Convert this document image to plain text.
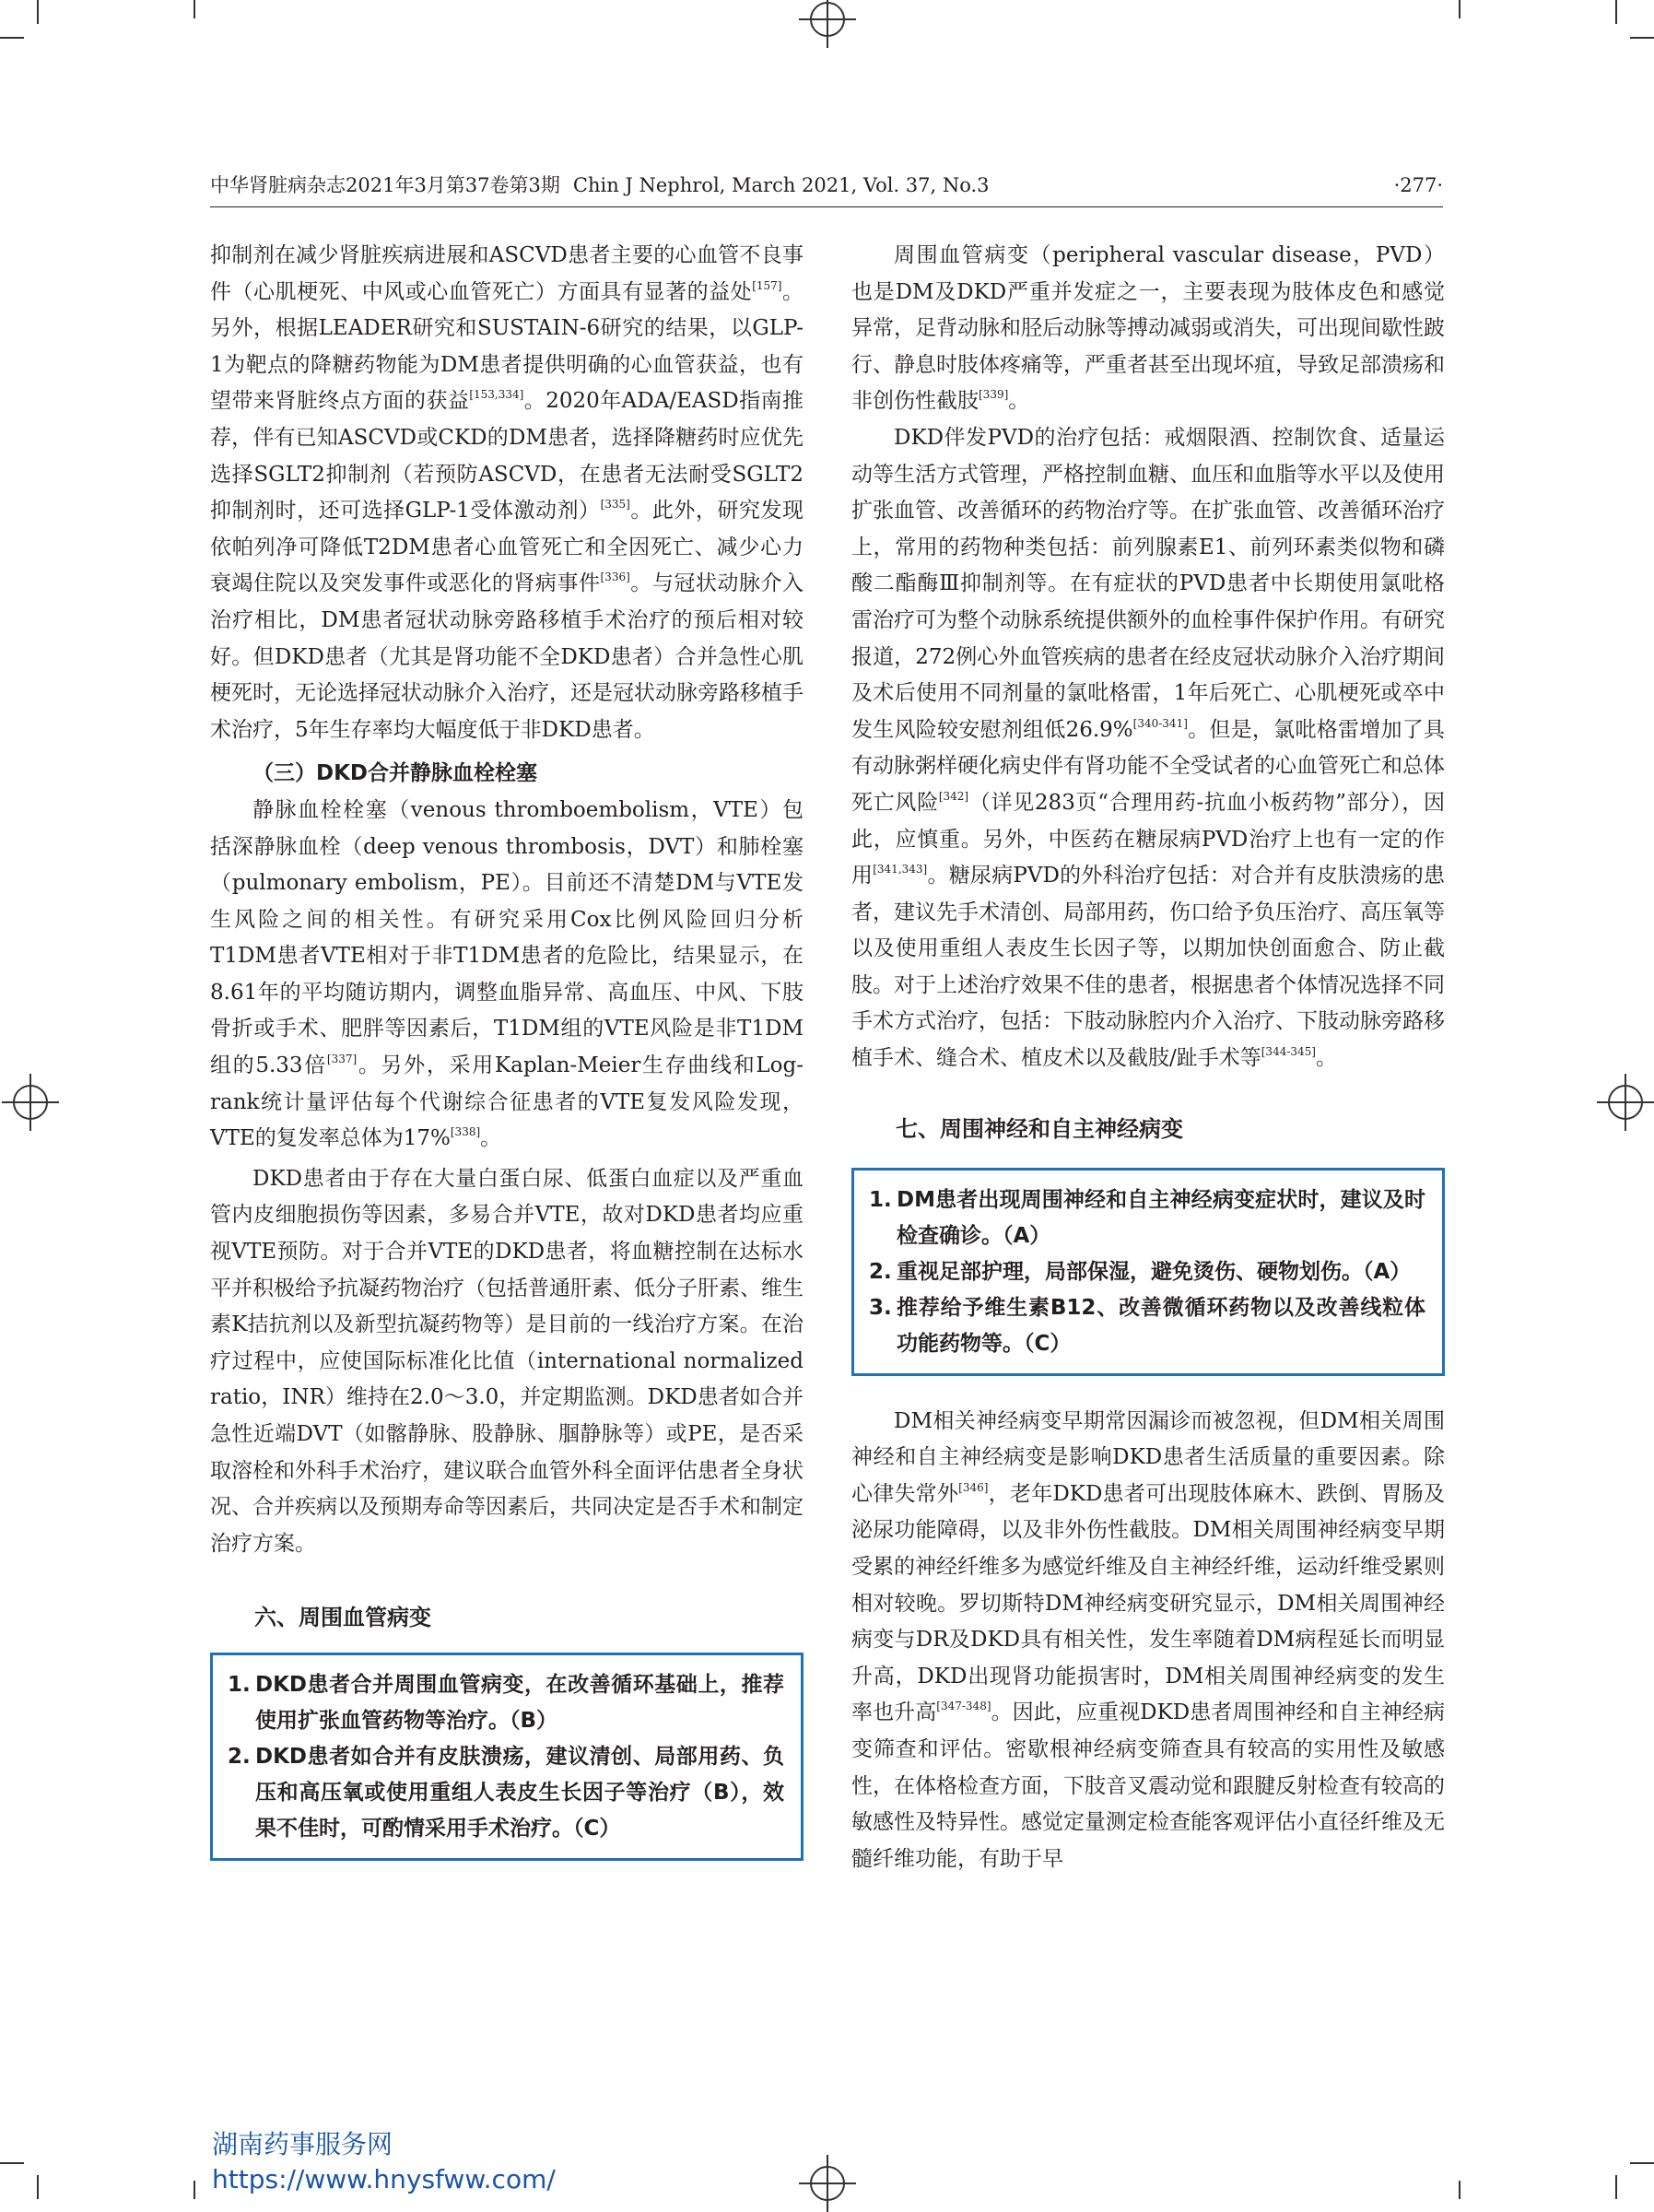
中华肾脏病杂志2021年3月第37卷第3期 Chin J Nephrol, March 2021, Vol. 37, No.3	·277·

抑制剂在减少肾脏疾病进展和ASCVD患者主要的心血管不良事件（心肌梗死、中风或心血管死亡）方面具有显著的益处[157]。另外，根据LEADER研究和SUSTAIN-6研究的结果，以GLP-1为靶点的降糖药物能为DM患者提供明确的心血管获益，也有望带来肾脏终点方面的获益[153,334]。2020年ADA/EASD指南推荐，伴有已知ASCVD或CKD的DM患者，选择降糖药时应优先选择SGLT2抑制剂（若预防ASCVD，在患者无法耐受SGLT2抑制剂时，还可选择GLP-1受体激动剂）[335]。此外，研究发现依帕列净可降低T2DM患者心血管死亡和全因死亡、减少心力衰竭住院以及突发事件或恶化的肾病事件[336]。与冠状动脉介入治疗相比，DM患者冠状动脉旁路移植手术治疗的预后相对较好。但DKD患者（尤其是肾功能不全DKD患者）合并急性心肌梗死时，无论选择冠状动脉介入治疗，还是冠状动脉旁路移植手术治疗，5年生存率均大幅度低于非DKD患者。

（三）DKD合并静脉血栓栓塞

静脉血栓栓塞（venous thromboembolism，VTE）包括深静脉血栓（deep venous thrombosis，DVT）和肺栓塞（pulmonary embolism，PE）。目前还不清楚DM与VTE发生风险之间的相关性。有研究采用Cox比例风险回归分析T1DM患者VTE相对于非T1DM患者的危险比，结果显示，在8.61年的平均随访期内，调整血脂异常、高血压、中风、下肢骨折或手术、肥胖等因素后，T1DM组的VTE风险是非T1DM组的5.33倍[337]。另外，采用Kaplan-Meier生存曲线和Log-rank统计量评估每个代谢综合征患者的VTE复发风险发现，VTE的复发率总体为17%[338]。

DKD患者由于存在大量白蛋白尿、低蛋白血症以及严重血管内皮细胞损伤等因素，多易合并VTE，故对DKD患者均应重视VTE预防。对于合并VTE的DKD患者，将血糖控制在达标水平并积极给予抗凝药物治疗（包括普通肝素、低分子肝素、维生素K拮抗剂以及新型抗凝药物等）是目前的一线治疗方案。在治疗过程中，应使国际标准化比值（international normalized ratio，INR）维持在2.0～3.0，并定期监测。DKD患者如合并急性近端DVT（如髂静脉、股静脉、腘静脉等）或PE，是否采取溶栓和外科手术治疗，建议联合血管外科全面评估患者全身状况、合并疾病以及预期寿命等因素后，共同决定是否手术和制定治疗方案。

六、周围血管病变
1. DKD患者合并周围血管病变，在改善循环基础上，推荐使用扩张血管药物等治疗。（B）
2. DKD患者如合并有皮肤溃疡，建议清创、局部用药、负压和高压氧或使用重组人表皮生长因子等治疗（B），效果不佳时，可酌情采用手术治疗。（C）

周围血管病变（peripheral vascular disease，PVD）也是DM及DKD严重并发症之一，主要表现为肢体皮色和感觉异常，足背动脉和胫后动脉等搏动减弱或消失，可出现间歇性跛行、静息时肢体疼痛等，严重者甚至出现坏疽，导致足部溃疡和非创伤性截肢[339]。

DKD伴发PVD的治疗包括：戒烟限酒、控制饮食、适量运动等生活方式管理，严格控制血糖、血压和血脂等水平以及使用扩张血管、改善循环的药物治疗等。在扩张血管、改善循环治疗上，常用的药物种类包括：前列腺素E1、前列环素类似物和磷酸二酯酶Ⅲ抑制剂等。在有症状的PVD患者中长期使用氯吡格雷治疗可为整个动脉系统提供额外的血栓事件保护作用。有研究报道，272例心外血管疾病的患者在经皮冠状动脉介入治疗期间及术后使用不同剂量的氯吡格雷，1年后死亡、心肌梗死或卒中发生风险较安慰剂组低26.9%[340-341]。但是，氯吡格雷增加了具有动脉粥样硬化病史伴有肾功能不全受试者的心血管死亡和总体死亡风险[342]（详见283页“合理用药-抗血小板药物”部分），因此，应慎重。另外，中医药在糖尿病PVD治疗上也有一定的作用[341,343]。糖尿病PVD的外科治疗包括：对合并有皮肤溃疡的患者，建议先手术清创、局部用药，伤口给予负压治疗、高压氧等以及使用重组人表皮生长因子等，以期加快创面愈合、防止截肢。对于上述治疗效果不佳的患者，根据患者个体情况选择不同手术方式治疗，包括：下肢动脉腔内介入治疗、下肢动脉旁路移植手术、缝合术、植皮术以及截肢/趾手术等[344-345]。

七、周围神经和自主神经病变
1. DM患者出现周围神经和自主神经病变症状时，建议及时检查确诊。（A）
2. 重视足部护理，局部保湿，避免烫伤、硬物划伤。（A）
3. 推荐给予维生素B12、改善微循环药物以及改善线粒体功能药物等。（C）

DM相关神经病变早期常因漏诊而被忽视，但DM相关周围神经和自主神经病变是影响DKD患者生活质量的重要因素。除心律失常外[346]，老年DKD患者可出现肢体麻木、跌倒、胃肠及泌尿功能障碍，以及非外伤性截肢。DM相关周围神经病变早期受累的神经纤维多为感觉纤维及自主神经纤维，运动纤维受累则相对较晚。罗切斯特DM神经病变研究显示，DM相关周围神经病变与DR及DKD具有相关性，发生率随着DM病程延长而明显升高，DKD出现肾功能损害时，DM相关周围神经病变的发生率也升高[347-348]。因此，应重视DKD患者周围神经和自主神经病变筛查和评估。密歇根神经病变筛查具有较高的实用性及敏感性，在体格检查方面，下肢音叉震动觉和跟腱反射检查有较高的敏感性及特异性。感觉定量测定检查能客观评估小直径纤维及无髓纤维功能，有助于早

湖南药事服务网
https://www.hnysfww.com/
